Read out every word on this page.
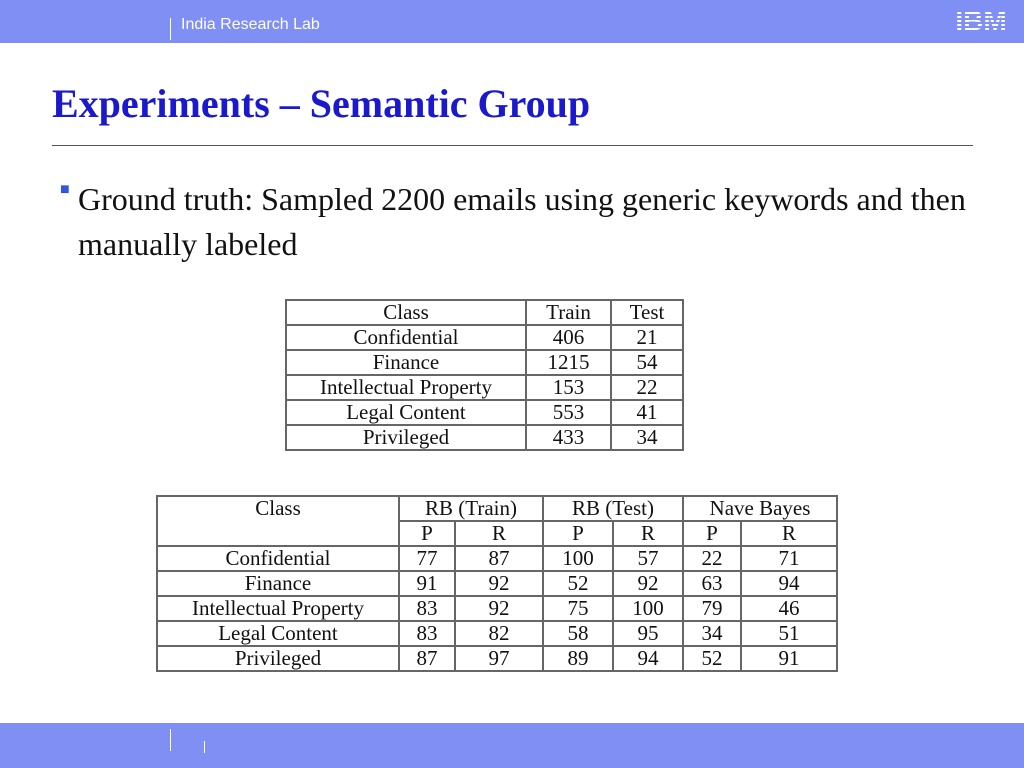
India Research Lab	IBM
Experiments – Semantic Group
■ Ground truth: Sampled 2200 emails using generic keywords and then manually labeled
Class	Train	Test
Confidential	406	21
Finance	1215	54
Intellectual Property	153	22
Legal Content	553	41
Privileged	433	34
Class	RB (Train)		RB (Test)		Nave Bayes	
	P	R	P	R	P	R
Confidential	77	87	100	57	22	71
Finance	91	92	52	92	63	94
Intellectual Property	83	92	75	100	79	46
Legal Content	83	82	58	95	34	51
Privileged	87	97	89	94	52	91
